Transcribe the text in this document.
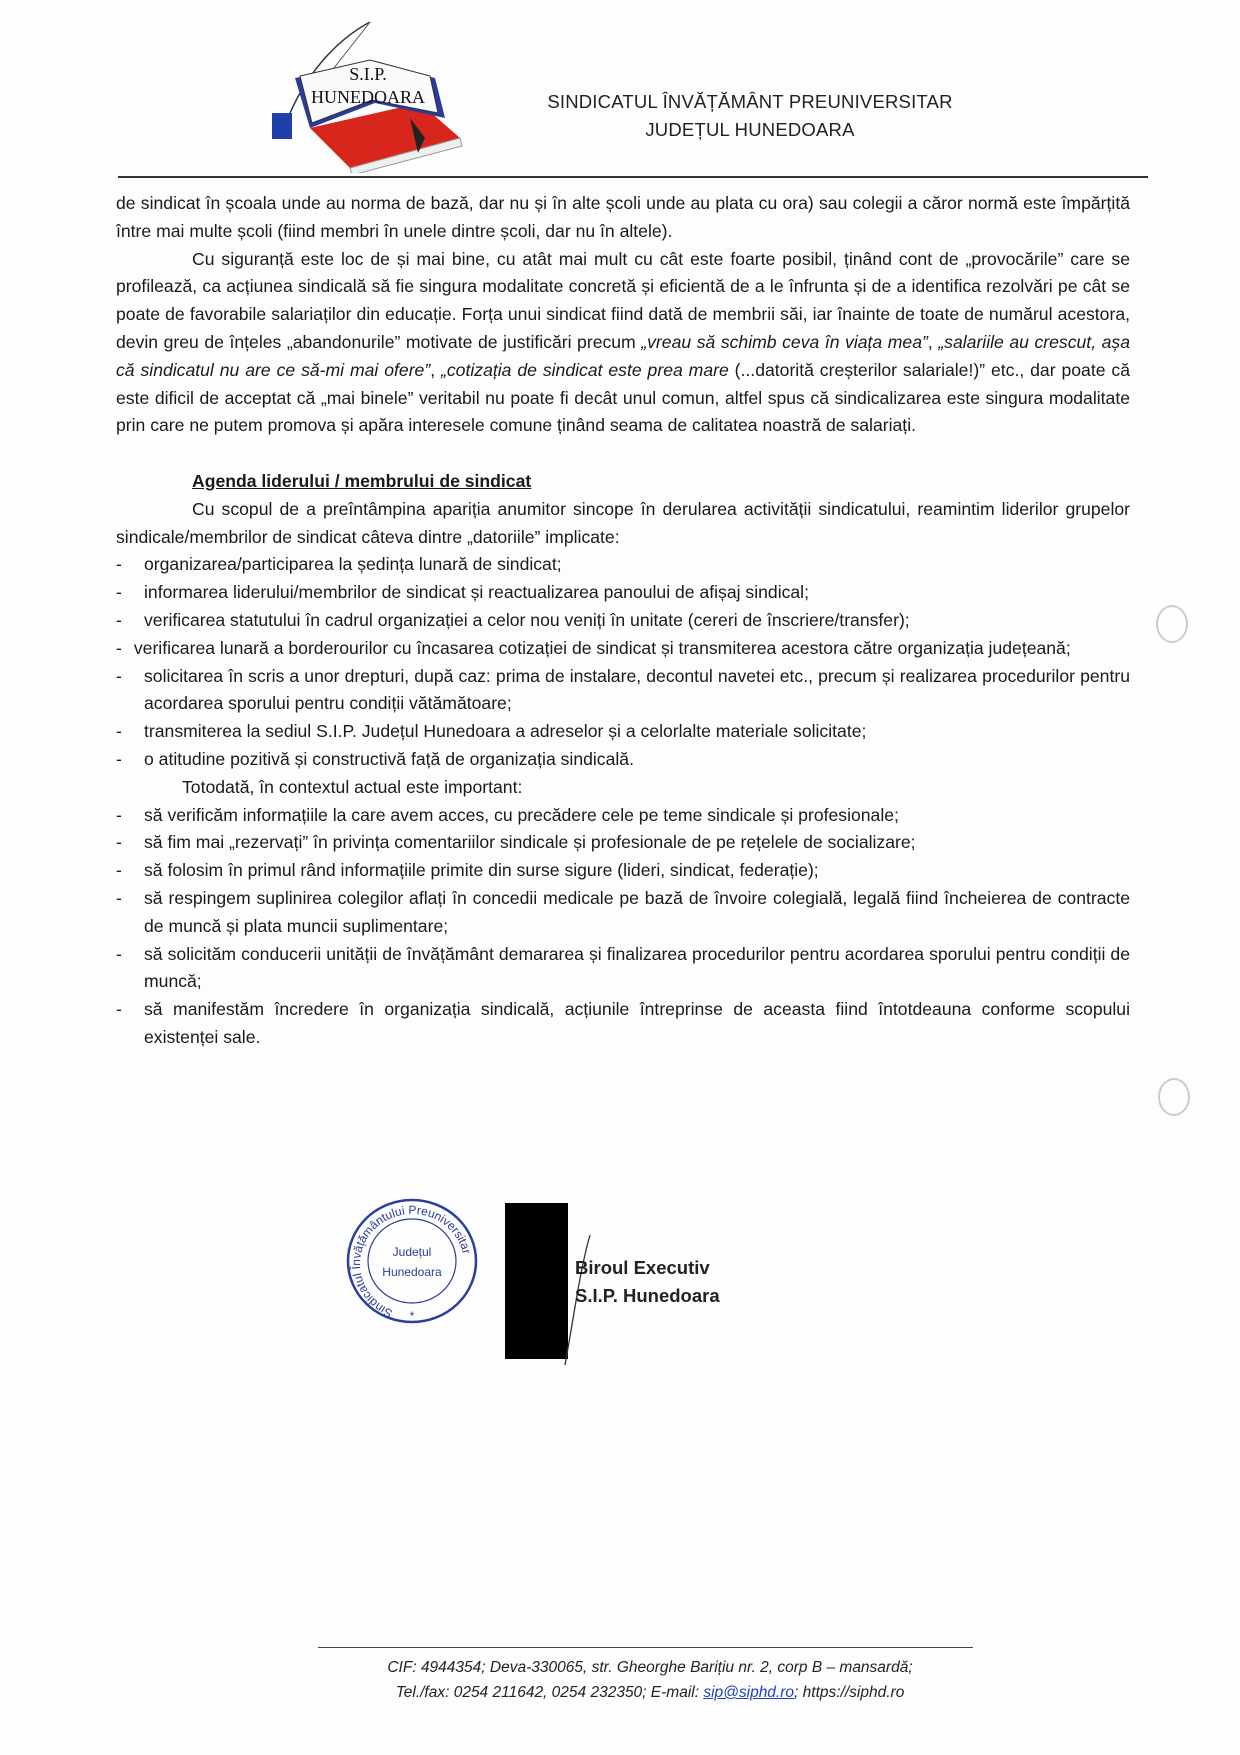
S.I.P.
HUNEDOARA	SINDICATUL ÎNVĂȚĂMÂNT PREUNIVERSITAR
JUDEȚUL HUNEDOARA

de sindicat în școala unde au norma de bază, dar nu și în alte școli unde au plata cu ora) sau colegii a căror normă este împărțită între mai multe școli (fiind membri în unele dintre școli, dar nu în altele).

Cu siguranță este loc de și mai bine, cu atât mai mult cu cât este foarte posibil, ținând cont de „provocările” care se profilează, ca acțiunea sindicală să fie singura modalitate concretă și eficientă de a le înfrunta și de a identifica rezolvări pe cât se poate de favorabile salariaților din educație. Forța unui sindicat fiind dată de membrii săi, iar înainte de toate de numărul acestora, devin greu de înțeles „abandonurile” motivate de justificări precum „vreau să schimb ceva în viața mea”, „salariile au crescut, așa că sindicatul nu are ce să-mi mai ofere”, „cotizația de sindicat este prea mare (...datorită creșterilor salariale!)” etc., dar poate că este dificil de acceptat că „mai binele” veritabil nu poate fi decât unul comun, altfel spus că sindicalizarea este singura modalitate prin care ne putem promova și apăra interesele comune ținând seama de calitatea noastră de salariați.

Agenda liderului / membrului de sindicat

Cu scopul de a preîntâmpina apariția anumitor sincope în derularea activității sindicatului, reamintim liderilor grupelor sindicale/membrilor de sindicat câteva dintre „datoriile” implicate:

- organizarea/participarea la ședința lunară de sindicat;
- informarea liderului/membrilor de sindicat și reactualizarea panoului de afișaj sindical;
- verificarea statutului în cadrul organizației a celor nou veniți în unitate (cereri de înscriere/transfer);
- verificarea lunară a borderourilor cu încasarea cotizației de sindicat și transmiterea acestora către organizația județeană;
- solicitarea în scris a unor drepturi, după caz: prima de instalare, decontul navetei etc., precum și realizarea procedurilor pentru acordarea sporului pentru condiții vătămătoare;
- transmiterea la sediul S.I.P. Județul Hunedoara a adreselor și a celorlalte materiale solicitate;
- o atitudine pozitivă și constructivă față de organizația sindicală.

Totodată, în contextul actual este important:

- să verificăm informațiile la care avem acces, cu precădere cele pe teme sindicale și profesionale;
- să fim mai „rezervați” în privința comentariilor sindicale și profesionale de pe rețelele de socializare;
- să folosim în primul rând informațiile primite din surse sigure (lideri, sindicat, federație);
- să respingem suplinirea colegilor aflați în concedii medicale pe bază de învoire colegială, legală fiind încheierea de contracte de muncă și plata muncii suplimentare;
- să solicităm conducerii unității de învățământ demararea și finalizarea procedurilor pentru acordarea sporului pentru condiții de muncă;
- să manifestăm încredere în organizația sindicală, acțiunile întreprinse de aceasta fiind întotdeauna conforme scopului existenței sale.
Sindicatul Învățământului Preuniversitar
Județul
Hunedoara
*
Biroul Executiv
S.I.P. Hunedoara
CIF: 4944354; Deva-330065, str. Gheorghe Barițiu nr. 2, corp B – mansardă;
Tel./fax: 0254 211642, 0254 232350; E-mail: sip@siphd.ro; https://siphd.ro
